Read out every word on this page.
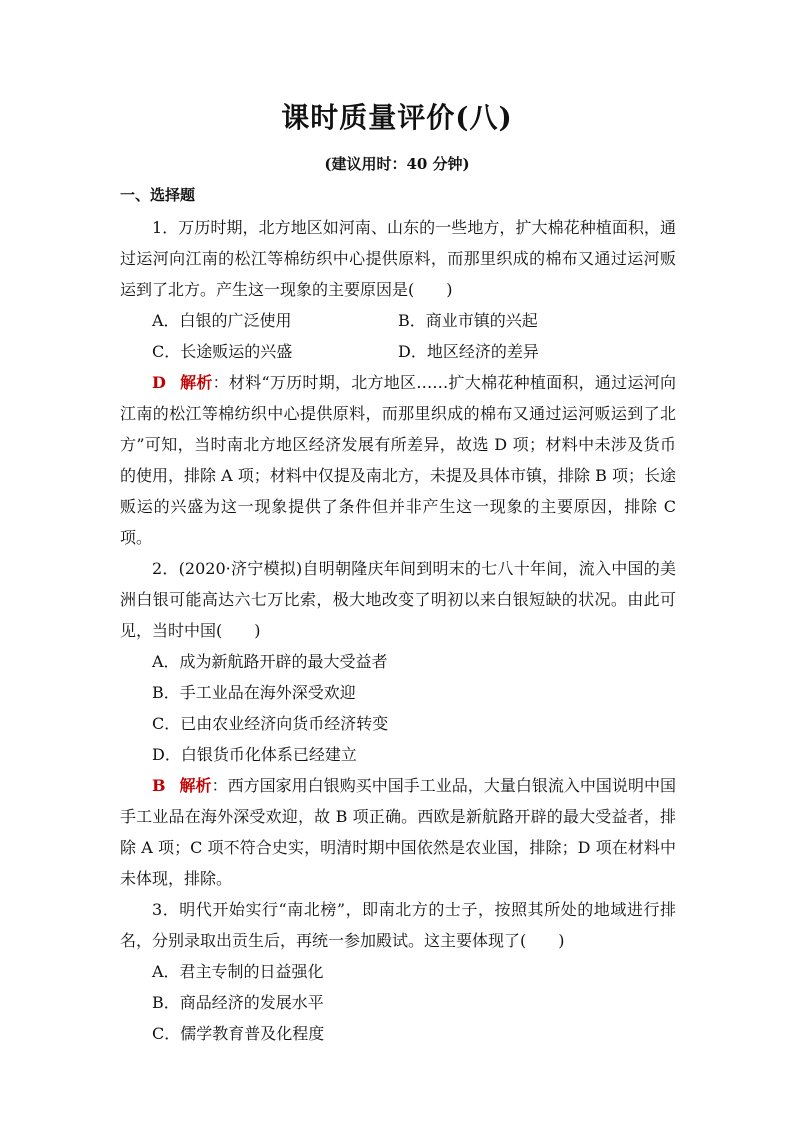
课时质量评价(八)
(建议用时：40 分钟)
一、选择题

1．万历时期，北方地区如河南、山东的一些地方，扩大棉花种植面积，通过运河向江南的松江等棉纺织中心提供原料，而那里织成的棉布又通过运河贩运到了北方。产生这一现象的主要原因是(　　)

A．白银的广泛使用	B．商业市镇的兴起
C．长途贩运的兴盛	D．地区经济的差异

D 解析：材料“万历时期，北方地区……扩大棉花种植面积，通过运河向江南的松江等棉纺织中心提供原料，而那里织成的棉布又通过运河贩运到了北方”可知，当时南北方地区经济发展有所差异，故选 D 项；材料中未涉及货币的使用，排除 A 项；材料中仅提及南北方，未提及具体市镇，排除 B 项；长途贩运的兴盛为这一现象提供了条件但并非产生这一现象的主要原因，排除 C 项。

2．(2020·济宁模拟)自明朝隆庆年间到明末的七八十年间，流入中国的美洲白银可能高达六七万比索，极大地改变了明初以来白银短缺的状况。由此可见，当时中国(　　)

A．成为新航路开辟的最大受益者

B．手工业品在海外深受欢迎

C．已由农业经济向货币经济转变

D．白银货币化体系已经建立

B 解析：西方国家用白银购买中国手工业品，大量白银流入中国说明中国手工业品在海外深受欢迎，故 B 项正确。西欧是新航路开辟的最大受益者，排除 A 项；C 项不符合史实，明清时期中国依然是农业国，排除；D 项在材料中未体现，排除。

3．明代开始实行“南北榜”，即南北方的士子，按照其所处的地域进行排名，分别录取出贡生后，再统一参加殿试。这主要体现了(　　)

A．君主专制的日益强化

B．商品经济的发展水平

C．儒学教育普及化程度
